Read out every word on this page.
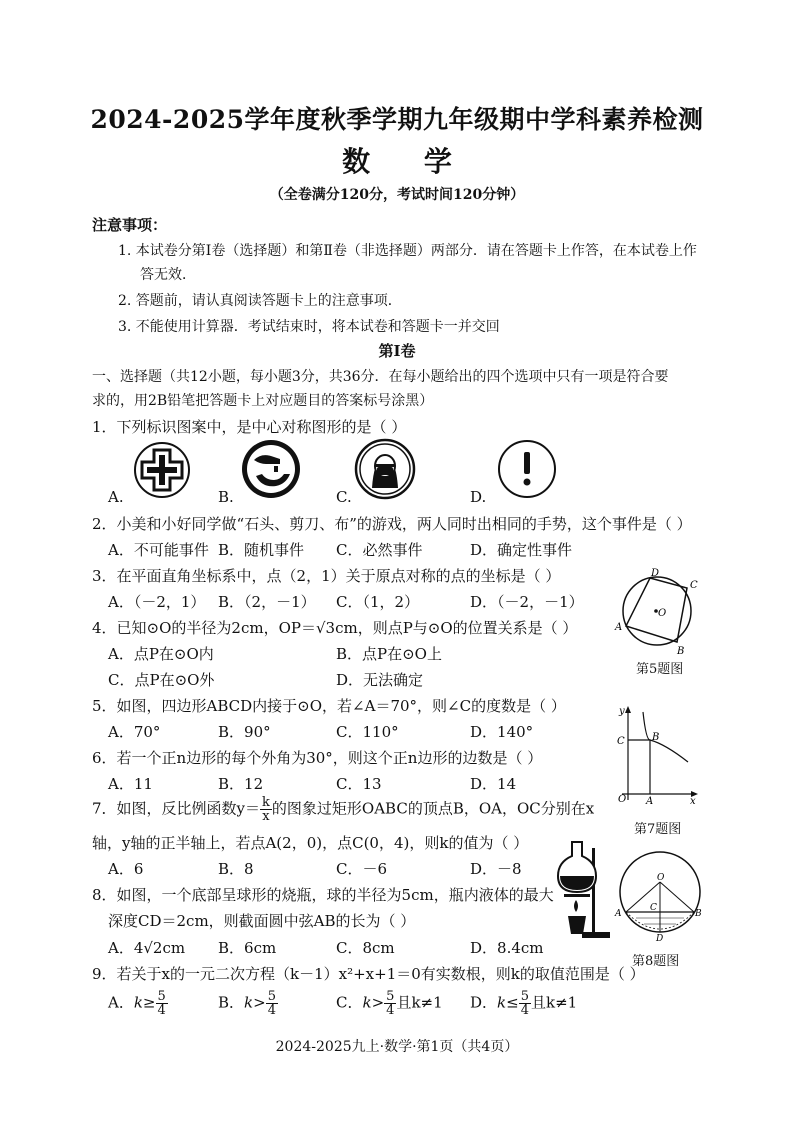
2024-2025学年度秋季学期九年级期中学科素养检测
数 学
（全卷满分120分，考试时间120分钟）
注意事项：
1. 本试卷分第Ⅰ卷（选择题）和第Ⅱ卷（非选择题）两部分．请在答题卡上作答，在本试卷上作
答无效．
2. 答题前，请认真阅读答题卡上的注意事项．
3. 不能使用计算器．考试结束时，将本试卷和答题卡一并交回
第Ⅰ卷
一、选择题（共12小题，每小题3分，共36分．在每小题给出的四个选项中只有一项是符合要
求的，用2B铅笔把答题卡上对应题目的答案标号涂黑）
1．下列标识图案中，是中心对称图形的是（ ）
A.	B.	C.	D.
2．小美和小好同学做“石头、剪刀、布”的游戏，两人同时出相同的手势，这个事件是（ ）
A．不可能事件 B．随机事件 C．必然事件	D．确定性事件
3．在平面直角坐标系中，点（2，1）关于原点对称的点的坐标是（ ）
A．（－2，1） B．（2，－1） C．（1，2）	D．（－2，－1）
4．已知⊙O的半径为2cm，OP＝√3cm，则点P与⊙O的位置关系是（ ）
A．点P在⊙O内	B．点P在⊙O上
C．点P在⊙O外	D．无法确定
5．如图，四边形ABCD内接于⊙O，若∠A＝70°，则∠C的度数是（ ）
A．70°	B．90°	C．110°	D．140°
6．若一个正n边形的每个外角为30°，则这个正n边形的边数是（ ）
A．11	B．12	C．13	D．14
7．如图，反比例函数$y= \frac{k}{x}$ 的图象过矩形OABC的顶点B，OA，OC分别在x
轴，y轴的正半轴上，若点A(2，0)，点C(0，4)，则k的值为（ ）
A．6	B．8	C．－6	D．－8
8．如图，一个底部呈球形的烧瓶，球的半径为5cm，瓶内液体的最大
深度CD＝2cm，则截面圆中弦AB的长为（ ）
A．4√2cm B．6cm	C．8cm	D．8.4cm
9．若关于x的一元二次方程（k－1）x²+x+1＝0有实数根，则k的取值范围是（ ）
A．$k\ge \frac{5}{4}$	B．$k> \frac{5}{4}$	C．$k> \frac{5}{4}$ 且k≠1 D．$k\le \frac{5}{4}$ 且k≠1
D
C
O
A
B
第5题图
y
C	B
O A	x
第7题图
O
C
A	B
D
第8题图
2024-2025九上·数学·第1页（共4页）
